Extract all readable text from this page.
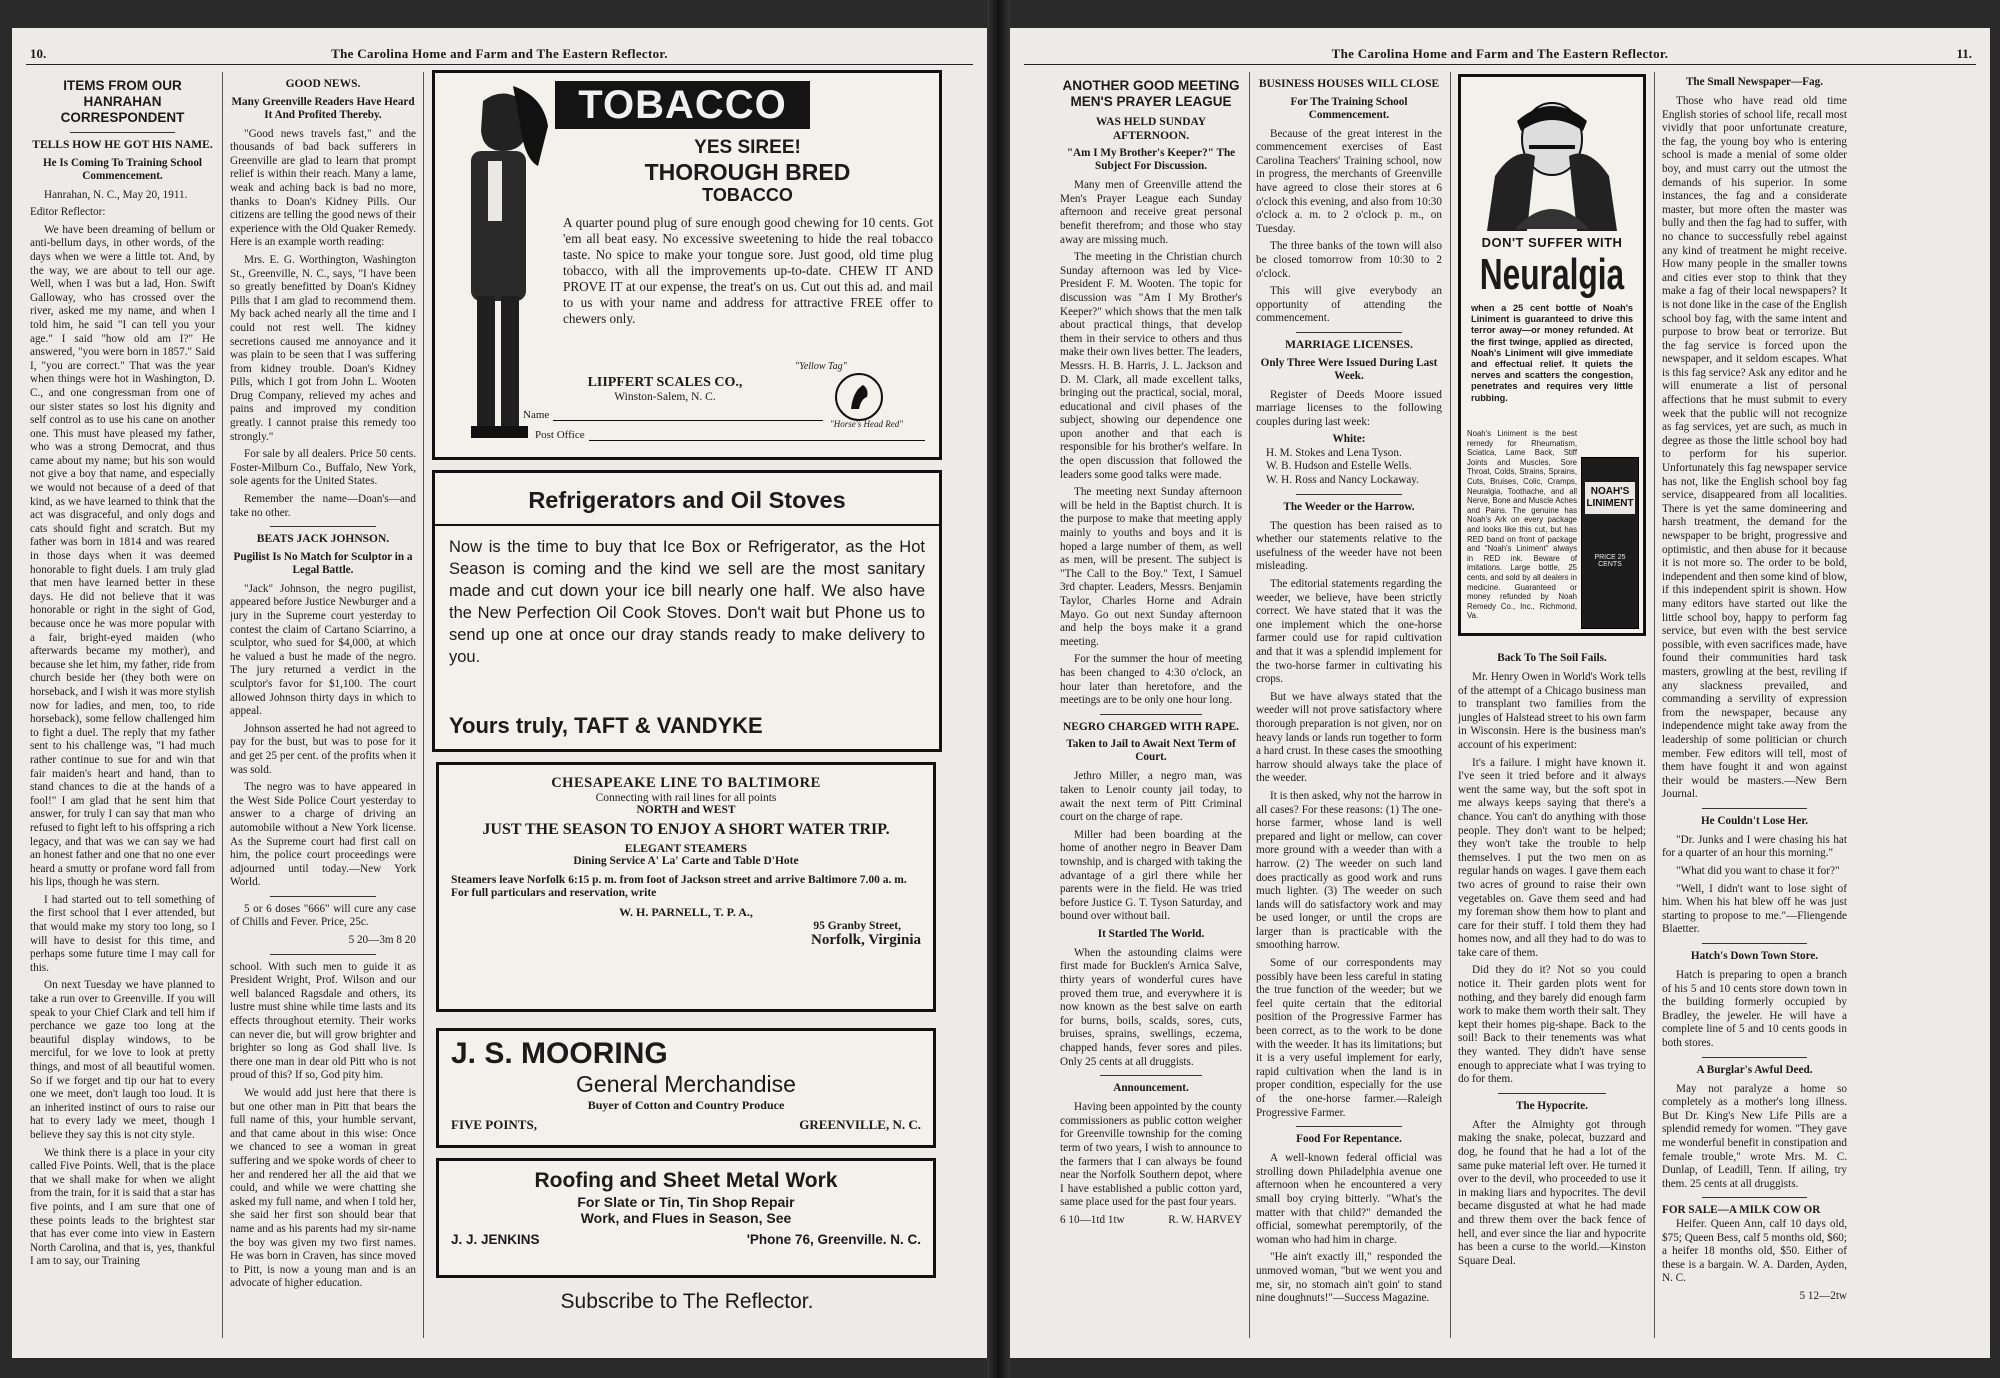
10.	The Carolina Home and Farm and The Eastern Reflector.
ITEMS FROM OUR HANRAHAN CORRESPONDENT
TELLS HOW HE GOT HIS NAME.
He Is Coming To Training School Commencement.

Hanrahan, N. C., May 20, 1911.

Editor Reflector:

We have been dreaming of bellum or anti-bellum days, in other words, of the days when we were a little tot. And, by the way, we are about to tell our age. Well, when I was but a lad, Hon. Swift Galloway, who has crossed over the river, asked me my name, and when I told him, he said "I can tell you your age." I said "how old am I?" He answered, "you were born in 1857." Said I, "you are correct." That was the year when things were hot in Washington, D. C., and one congressman from one of our sister states so lost his dignity and self control as to use his cane on another one. This must have pleased my father, who was a strong Democrat, and thus came about my name; but his son would not give a boy that name, and especially we would not because of a deed of that kind, as we have learned to think that the act was disgraceful, and only dogs and cats should fight and scratch. But my father was born in 1814 and was reared in those days when it was deemed honorable to fight duels. I am truly glad that men have learned better in these days. He did not believe that it was honorable or right in the sight of God, because once he was more popular with a fair, bright-eyed maiden (who afterwards became my mother), and because she let him, my father, ride from church beside her (they both were on horseback, and I wish it was more stylish now for ladies, and men, too, to ride horseback), some fellow challenged him to fight a duel. The reply that my father sent to his challenge was, "I had much rather continue to sue for and win that fair maiden's heart and hand, than to stand chances to die at the hands of a fool!" I am glad that he sent him that answer, for truly I can say that man who refused to fight left to his offspring a rich legacy, and that was we can say we had an honest father and one that no one ever heard a smutty or profane word fall from his lips, though he was stern.

I had started out to tell something of the first school that I ever attended, but that would make my story too long, so I will have to desist for this time, and perhaps some future time I may call for this.

On next Tuesday we have planned to take a run over to Greenville. If you will speak to your Chief Clark and tell him if perchance we gaze too long at the beautiful display windows, to be merciful, for we love to look at pretty things, and most of all beautiful women. So if we forget and tip our hat to every one we meet, don't laugh too loud. It is an inherited instinct of ours to raise our hat to every lady we meet, though I believe they say this is not city style.

We think there is a place in your city called Five Points. Well, that is the place that we shall make for when we alight from the train, for it is said that a star has five points, and I am sure that one of these points leads to the brightest star that has ever come into view in Eastern North Carolina, and that is, yes, thankful I am to say, our Training

GOOD NEWS.
Many Greenville Readers Have Heard It And Profited Thereby.

"Good news travels fast," and the thousands of bad back sufferers in Greenville are glad to learn that prompt relief is within their reach. Many a lame, weak and aching back is bad no more, thanks to Doan's Kidney Pills. Our citizens are telling the good news of their experience with the Old Quaker Remedy. Here is an example worth reading:

Mrs. E. G. Worthington, Washington St., Greenville, N. C., says, "I have been so greatly benefitted by Doan's Kidney Pills that I am glad to recommend them. My back ached nearly all the time and I could not rest well. The kidney secretions caused me annoyance and it was plain to be seen that I was suffering from kidney trouble. Doan's Kidney Pills, which I got from John L. Wooten Drug Company, relieved my aches and pains and improved my condition greatly. I cannot praise this remedy too strongly."

For sale by all dealers. Price 50 cents. Foster-Milburn Co., Buffalo, New York, sole agents for the United States.

Remember the name—Doan's—and take no other.

BEATS JACK JOHNSON.
Pugilist Is No Match for Sculptor in a Legal Battle.

"Jack" Johnson, the negro pugilist, appeared before Justice Newburger and a jury in the Supreme court yesterday to contest the claim of Cartano Sciarrino, a sculptor, who sued for $4,000, at which he valued a bust he made of the negro. The jury returned a verdict in the sculptor's favor for $1,100. The court allowed Johnson thirty days in which to appeal.

Johnson asserted he had not agreed to pay for the bust, but was to pose for it and get 25 per cent. of the profits when it was sold.

The negro was to have appeared in the West Side Police Court yesterday to answer to a charge of driving an automobile without a New York license. As the Supreme court had first call on him, the police court proceedings were adjourned until today.—New York World.

5 or 6 doses "666" will cure any case of Chills and Fever. Price, 25c.

5 20—3m 8 20

school. With such men to guide it as President Wright, Prof. Wilson and our well balanced Ragsdale and others, its lustre must shine while time lasts and its effects throughout eternity. Their works can never die, but will grow brighter and brighter so long as God shall live. Is there one man in dear old Pitt who is not proud of this? If so, God pity him.

We would add just here that there is but one other man in Pitt that bears the full name of this, your humble servant, and that came about in this wise: Once we chanced to see a woman in great suffering and we spoke words of cheer to her and rendered her all the aid that we could, and while we were chatting she asked my full name, and when I told her, she said her first son should bear that name and as his parents had my sir-name the boy was given my two first names. He was born in Craven, has since moved to Pitt, is now a young man and is an advocate of higher education.

TOBACCO
YES SIREE!
THOROUGH BRED
TOBACCO
A quarter pound plug of sure enough good chewing for 10 cents. Got 'em all beat easy. No excessive sweetening to hide the real tobacco taste. No spice to make your tongue sore. Just good, old time plug tobacco, with all the improvements up-to-date. CHEW IT AND PROVE IT at our expense, the treat's on us. Cut out this ad. and mail to us with your name and address for attractive FREE offer to chewers only.
"Yellow Tag"
LIIPFERT SCALES CO.,
Winston-Salem, N. C.
"Horse's Head Red"
Name
Post Office
Refrigerators and Oil Stoves
Now is the time to buy that Ice Box or Refrigerator, as the Hot Season is coming and the kind we sell are the most sanitary made and cut down your ice bill nearly one half. We also have the New Perfection Oil Cook Stoves. Don't wait but Phone us to send up one at once our dray stands ready to make delivery to you.
Yours truly, TAFT & VANDYKE
CHESAPEAKE LINE TO BALTIMORE
Connecting with rail lines for all points
NORTH and WEST
JUST THE SEASON TO ENJOY A SHORT WATER TRIP.
ELEGANT STEAMERS
Dining Service A' La' Carte and Table D'Hote
Steamers leave Norfolk 6:15 p. m. from foot of Jackson street and arrive Baltimore 7.00 a. m.
For full particulars and reservation, write
W. H. PARNELL, T. P. A.,
95 Granby Street,
Norfolk, Virginia
J. S. MOORING
General Merchandise
Buyer of Cotton and Country Produce
FIVE POINTS,	GREENVILLE, N. C.
Roofing and Sheet Metal Work
For Slate or Tin, Tin Shop Repair
Work, and Flues in Season, See
J. J. JENKINS	'Phone 76, Greenville. N. C.
Subscribe to The Reflector.
11.
The Carolina Home and Farm and The Eastern Reflector.
ANOTHER GOOD MEETING MEN'S PRAYER LEAGUE
WAS HELD SUNDAY AFTERNOON.
"Am I My Brother's Keeper?" The Subject For Discussion.

Many men of Greenville attend the Men's Prayer League each Sunday afternoon and receive great personal benefit therefrom; and those who stay away are missing much.

The meeting in the Christian church Sunday afternoon was led by Vice-President F. M. Wooten. The topic for discussion was "Am I My Brother's Keeper?" which shows that the men talk about practical things, that develop them in their service to others and thus make their own lives better. The leaders, Messrs. H. B. Harris, J. L. Jackson and D. M. Clark, all made excellent talks, bringing out the practical, social, moral, educational and civil phases of the subject, showing our dependence one upon another and that each is responsible for his brother's welfare. In the open discussion that followed the leaders some good talks were made.

The meeting next Sunday afternoon will be held in the Baptist church. It is the purpose to make that meeting apply mainly to youths and boys and it is hoped a large number of them, as well as men, will be present. The subject is "The Call to the Boy." Text, I Samuel 3rd chapter. Leaders, Messrs. Benjamin Taylor, Charles Horne and Adrain Mayo. Go out next Sunday afternoon and help the boys make it a grand meeting.

For the summer the hour of meeting has been changed to 4:30 o'clock, an hour later than heretofore, and the meetings are to be only one hour long.

NEGRO CHARGED WITH RAPE.
Taken to Jail to Await Next Term of Court.

Jethro Miller, a negro man, was taken to Lenoir county jail today, to await the next term of Pitt Criminal court on the charge of rape.

Miller had been boarding at the home of another negro in Beaver Dam township, and is charged with taking the advantage of a girl there while her parents were in the field. He was tried before Justice G. T. Tyson Saturday, and bound over without bail.

It Startled The World.

When the astounding claims were first made for Bucklen's Arnica Salve, thirty years of wonderful cures have proved them true, and everywhere it is now known as the best salve on earth for burns, boils, scalds, sores, cuts, bruises, sprains, swellings, eczema, chapped hands, fever sores and piles. Only 25 cents at all druggists.

Announcement.

Having been appointed by the county commissioners as public cotton weigher for Greenville township for the coming term of two years, I wish to announce to the farmers that I can always be found near the Norfolk Southern depot, where I have established a public cotton yard, same place used for the past four years.

6 10—1td 1tw	R. W. HARVEY
BUSINESS HOUSES WILL CLOSE
For The Training School Commencement.

Because of the great interest in the commencement exercises of East Carolina Teachers' Training school, now in progress, the merchants of Greenville have agreed to close their stores at 6 o'clock this evening, and also from 10:30 o'clock a. m. to 2 o'clock p. m., on Tuesday.

The three banks of the town will also be closed tomorrow from 10:30 to 2 o'clock.

This will give everybody an opportunity of attending the commencement.

MARRIAGE LICENSES.
Only Three Were Issued During Last Week.

Register of Deeds Moore issued marriage licenses to the following couples during last week:

White:
H. M. Stokes and Lena Tyson.
W. B. Hudson and Estelle Wells.
W. H. Ross and Nancy Lockaway.
The Weeder or the Harrow.

The question has been raised as to whether our statements relative to the usefulness of the weeder have not been misleading.

The editorial statements regarding the weeder, we believe, have been strictly correct. We have stated that it was the one implement which the one-horse farmer could use for rapid cultivation and that it was a splendid implement for the two-horse farmer in cultivating his crops.

But we have always stated that the weeder will not prove satisfactory where thorough preparation is not given, nor on heavy lands or lands run together to form a hard crust. In these cases the smoothing harrow should always take the place of the weeder.

It is then asked, why not the harrow in all cases? For these reasons: (1) The one-horse farmer, whose land is well prepared and light or mellow, can cover more ground with a weeder than with a harrow. (2) The weeder on such land does practically as good work and runs much lighter. (3) The weeder on such lands will do satisfactory work and may be used longer, or until the crops are larger than is practicable with the smoothing harrow.

Some of our correspondents may possibly have been less careful in stating the true function of the weeder; but we feel quite certain that the editorial position of the Progressive Farmer has been correct, as to the work to be done with the weeder. It has its limitations; but it is a very useful implement for early, rapid cultivation when the land is in proper condition, especially for the use of the one-horse farmer.—Raleigh Progressive Farmer.

Food For Repentance.

A well-known federal official was strolling down Philadelphia avenue one afternoon when he encountered a very small boy crying bitterly. "What's the matter with that child?" demanded the official, somewhat peremptorily, of the woman who had him in charge.

"He ain't exactly ill," responded the unmoved woman, "but we went you and me, sir, no stomach ain't goin' to stand nine doughnuts!"—Success Magazine.

DON'T SUFFER WITH
Neuralgia
when a 25 cent bottle of Noah's Liniment is guaranteed to drive this terror away—or money refunded. At the first twinge, applied as directed, Noah's Liniment will give immediate and effectual relief. It quiets the nerves and scatters the congestion, penetrates and requires very little rubbing.
Noah's Liniment is the best remedy for Rheumatism, Sciatica, Lame Back, Stiff Joints and Muscles, Sore Throat, Colds, Strains, Sprains, Cuts, Bruises, Colic, Cramps, Neuralgia, Toothache, and all Nerve, Bone and Muscle Aches and Pains. The genuine has Noah's Ark on every package and looks like this cut, but has RED band on front of package and "Noah's Liniment" always in RED ink. Beware of imitations. Large bottle, 25 cents, and sold by all dealers in medicine. Guaranteed or money refunded by Noah Remedy Co., Inc., Richmond, Va.
NOAH'S LINIMENT
PRICE 25 CENTS
Back To The Soil Fails.

Mr. Henry Owen in World's Work tells of the attempt of a Chicago business man to transplant two families from the jungles of Halstead street to his own farm in Wisconsin. Here is the business man's account of his experiment:

It's a failure. I might have known it. I've seen it tried before and it always went the same way, but the soft spot in me always keeps saying that there's a chance. You can't do anything with those people. They don't want to be helped; they won't take the trouble to help themselves. I put the two men on as regular hands on wages. I gave them each two acres of ground to raise their own vegetables on. Gave them seed and had my foreman show them how to plant and care for their stuff. I told them they had homes now, and all they had to do was to take care of them.

Did they do it? Not so you could notice it. Their garden plots went for nothing, and they barely did enough farm work to make them worth their salt. They kept their homes pig-shape. Back to the soil! Back to their tenements was what they wanted. They didn't have sense enough to appreciate what I was trying to do for them.

The Hypocrite.

After the Almighty got through making the snake, polecat, buzzard and dog, he found that he had a lot of the same puke material left over. He turned it over to the devil, who proceeded to use it in making liars and hypocrites. The devil became disgusted at what he had made and threw them over the back fence of hell, and ever since the liar and hypocrite has been a curse to the world.—Kinston Square Deal.

The Small Newspaper—Fag.

Those who have read old time English stories of school life, recall most vividly that poor unfortunate creature, the fag, the young boy who is entering school is made a menial of some older boy, and must carry out the utmost the demands of his superior. In some instances, the fag and a considerate master, but more often the master was bully and then the fag had to suffer, with no chance to successfully rebel against any kind of treatment he might receive. How many people in the smaller towns and cities ever stop to think that they make a fag of their local newspapers? It is not done like in the case of the English school boy fag, with the same intent and purpose to brow beat or terrorize. But the fag service is forced upon the newspaper, and it seldom escapes. What is this fag service? Ask any editor and he will enumerate a list of personal affections that he must submit to every week that the public will not recognize as fag services, yet are such, as much in degree as those the little school boy had to perform for his superior. Unfortunately this fag newspaper service has not, like the English school boy fag service, disappeared from all localities. There is yet the same domineering and harsh treatment, the demand for the newspaper to be bright, progressive and optimistic, and then abuse for it because it is not more so. The order to be bold, independent and then some kind of blow, if this independent spirit is shown. How many editors have started out like the little school boy, happy to perform fag service, but even with the best service possible, with even sacrifices made, have found their communities hard task masters, growling at the best, reviling if any slackness prevailed, and commanding a servility of expression from the newspaper, because any independence might take away from the leadership of some politician or church member. Few editors will tell, most of them have fought it and won against their would be masters.—New Bern Journal.

He Couldn't Lose Her.

"Dr. Junks and I were chasing his hat for a quarter of an hour this morning."

"What did you want to chase it for?"

"Well, I didn't want to lose sight of him. When his hat blew off he was just starting to propose to me."—Fliengende Blaetter.

Hatch's Down Town Store.

Hatch is preparing to open a branch of his 5 and 10 cents store down town in the building formerly occupied by Bradley, the jeweler. He will have a complete line of 5 and 10 cents goods in both stores.

A Burglar's Awful Deed.

May not paralyze a home so completely as a mother's long illness. But Dr. King's New Life Pills are a splendid remedy for women. "They gave me wonderful benefit in constipation and female trouble," wrote Mrs. M. C. Dunlap, of Leadill, Tenn. If ailing, try them. 25 cents at all druggists.

FOR SALE—A MILK COW OR

Heifer. Queen Ann, calf 10 days old, $75; Queen Bess, calf 5 months old, $60; a heifer 18 months old, $50. Either of these is a bargain. W. A. Darden, Ayden, N. C.

5 12—2tw
